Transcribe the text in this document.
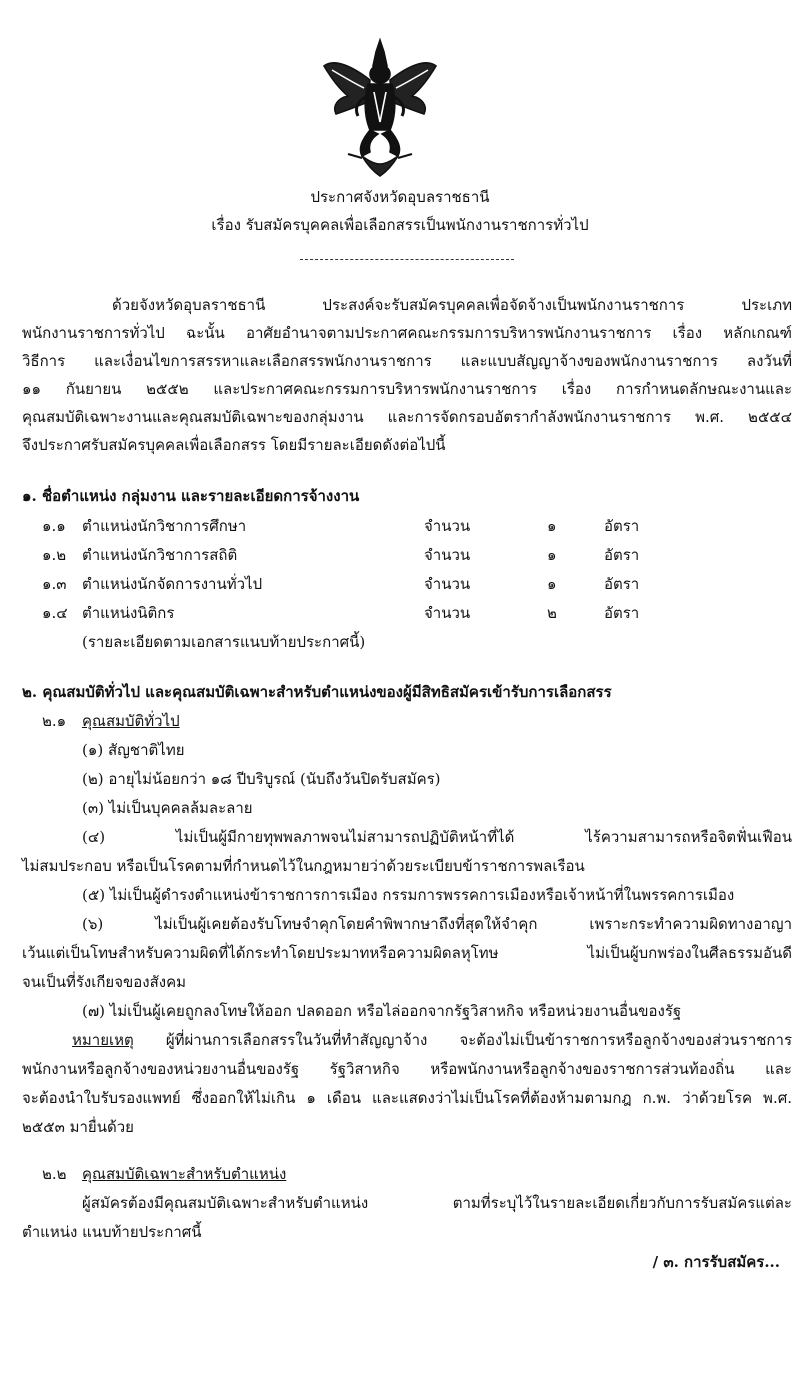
ประกาศจังหวัดอุบลราชธานี
เรื่อง รับสมัครบุคคลเพื่อเลือกสรรเป็นพนักงานราชการทั่วไป
ด้วยจังหวัดอุบลราชธานี ประสงค์จะรับสมัครบุคคลเพื่อจัดจ้างเป็นพนักงานราชการ ประเภท
พนักงานราชการทั่วไป ฉะนั้น อาศัยอำนาจตามประกาศคณะกรรมการบริหารพนักงานราชการ เรื่อง หลักเกณฑ์
วิธีการ และเงื่อนไขการสรรหาและเลือกสรรพนักงานราชการ และแบบสัญญาจ้างของพนักงานราชการ ลงวันที่
๑๑ กันยายน ๒๕๕๒ และประกาศคณะกรรมการบริหารพนักงานราชการ เรื่อง การกำหนดลักษณะงานและ
คุณสมบัติเฉพาะงานและคุณสมบัติเฉพาะของกลุ่มงาน และการจัดกรอบอัตรากำลังพนักงานราชการ พ.ศ. ๒๕๕๔
จึงประกาศรับสมัครบุคคลเพื่อเลือกสรร โดยมีรายละเอียดดังต่อไปนี้
๑. ชื่อตำแหน่ง กลุ่มงาน และรายละเอียดการจ้างงาน
๑.๑ ตำแหน่งนักวิชาการศึกษา	จำนวน	๑	อัตรา
๑.๒ ตำแหน่งนักวิชาการสถิติ	จำนวน	๑	อัตรา
๑.๓ ตำแหน่งนักจัดการงานทั่วไป	จำนวน	๑	อัตรา
๑.๔ ตำแหน่งนิติกร	จำนวน	๒	อัตรา
(รายละเอียดตามเอกสารแนบท้ายประกาศนี้)
๒. คุณสมบัติทั่วไป และคุณสมบัติเฉพาะสำหรับตำแหน่งของผู้มีสิทธิสมัครเข้ารับการเลือกสรร
๒.๑ คุณสมบัติทั่วไป
(๑) สัญชาติไทย
(๒) อายุไม่น้อยกว่า ๑๘ ปีบริบูรณ์ (นับถึงวันปิดรับสมัคร)
(๓) ไม่เป็นบุคคลล้มละลาย
(๔) ไม่เป็นผู้มีกายทุพพลภาพจนไม่สามารถปฏิบัติหน้าที่ได้ ไร้ความสามารถหรือจิตฟั่นเฟือน
ไม่สมประกอบ หรือเป็นโรคตามที่กำหนดไว้ในกฎหมายว่าด้วยระเบียบข้าราชการพลเรือน
(๕) ไม่เป็นผู้ดำรงตำแหน่งข้าราชการการเมือง กรรมการพรรคการเมืองหรือเจ้าหน้าที่ในพรรคการเมือง
(๖) ไม่เป็นผู้เคยต้องรับโทษจำคุกโดยคำพิพากษาถึงที่สุดให้จำคุก เพราะกระทำความผิดทางอาญา
เว้นแต่เป็นโทษสำหรับความผิดที่ได้กระทำโดยประมาทหรือความผิดลหุโทษ ไม่เป็นผู้บกพร่องในศีลธรรมอันดี
จนเป็นที่รังเกียจของสังคม
(๗) ไม่เป็นผู้เคยถูกลงโทษให้ออก ปลดออก หรือไล่ออกจากรัฐวิสาหกิจ หรือหน่วยงานอื่นของรัฐ
หมายเหตุ ผู้ที่ผ่านการเลือกสรรในวันที่ทำสัญญาจ้าง จะต้องไม่เป็นข้าราชการหรือลูกจ้างของส่วนราชการ
พนักงานหรือลูกจ้างของหน่วยงานอื่นของรัฐ รัฐวิสาหกิจ หรือพนักงานหรือลูกจ้างของราชการส่วนท้องถิ่น และ
จะต้องนำใบรับรองแพทย์ ซึ่งออกให้ไม่เกิน ๑ เดือน และแสดงว่าไม่เป็นโรคที่ต้องห้ามตามกฎ ก.พ. ว่าด้วยโรค พ.ศ.
๒๕๕๓ มายื่นด้วย
๒.๒ คุณสมบัติเฉพาะสำหรับตำแหน่ง
ผู้สมัครต้องมีคุณสมบัติเฉพาะสำหรับตำแหน่ง ตามที่ระบุไว้ในรายละเอียดเกี่ยวกับการรับสมัครแต่ละ
ตำแหน่ง แนบท้ายประกาศนี้
/ ๓. การรับสมัคร...
